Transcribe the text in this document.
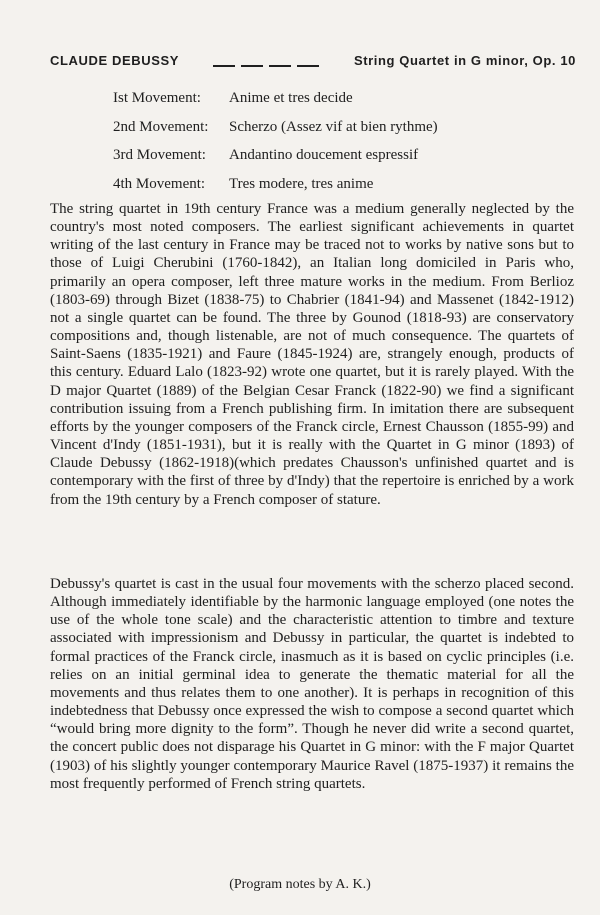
CLAUDE DEBUSSY	String Quartet in G minor, Op. 10
Ist Movement: Anime et tres decide
2nd Movement: Scherzo (Assez vif at bien rythme)
3rd Movement: Andantino doucement espressif
4th Movement: Tres modere, tres anime

The string quartet in 19th century France was a medium generally neglected by the country's most noted composers. The earliest significant achievements in quartet writing of the last century in France may be traced not to works by native sons but to those of Luigi Cherubini (1760-1842), an Italian long domiciled in Paris who, primarily an opera composer, left three mature works in the medium. From Berlioz (1803-69) through Bizet (1838-75) to Chabrier (1841-94) and Massenet (1842-1912) not a single quartet can be found. The three by Gounod (1818-93) are conservatory compositions and, though listenable, are not of much consequence. The quartets of Saint-Saens (1835-1921) and Faure (1845-1924) are, strangely enough, products of this century. Eduard Lalo (1823-92) wrote one quartet, but it is rarely played. With the D major Quartet (1889) of the Belgian Cesar Franck (1822-90) we find a significant contribution issuing from a French publishing firm. In imitation there are subsequent efforts by the younger composers of the Franck circle, Ernest Chausson (1855-99) and Vincent d'Indy (1851-1931), but it is really with the Quartet in G minor (1893) of Claude Debussy (1862-1918)(which predates Chausson's unfinished quartet and is contemporary with the first of three by d'Indy) that the repertoire is enriched by a work from the 19th century by a French composer of stature.

Debussy's quartet is cast in the usual four movements with the scherzo placed second. Although immediately identifiable by the harmonic language employed (one notes the use of the whole tone scale) and the characteristic attention to timbre and texture associated with impressionism and Debussy in particular, the quartet is indebted to formal practices of the Franck circle, inasmuch as it is based on cyclic principles (i.e. relies on an initial germinal idea to generate the thematic material for all the movements and thus relates them to one another). It is perhaps in recognition of this indebtedness that Debussy once expressed the wish to compose a second quartet which “would bring more dignity to the form”. Though he never did write a second quartet, the concert public does not disparage his Quartet in G minor: with the F major Quartet (1903) of his slightly younger contemporary Maurice Ravel (1875-1937) it remains the most frequently performed of French string quartets.

(Program notes by A. K.)
